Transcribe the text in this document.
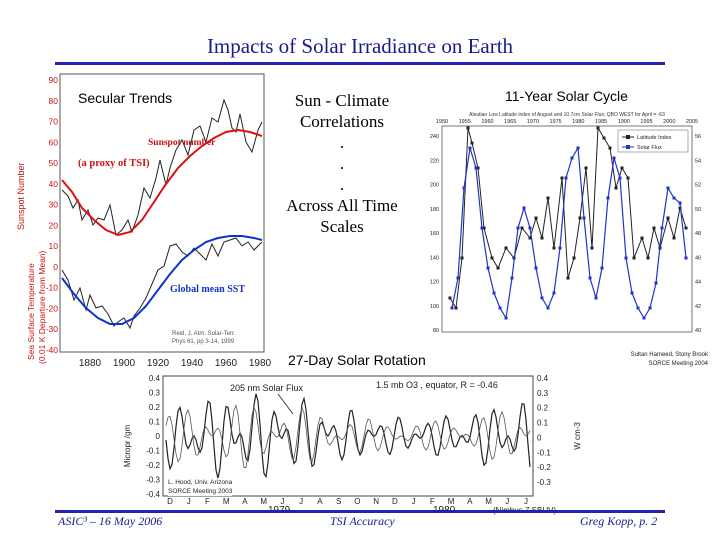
Impacts of Solar Irradiance on Earth
90
80
70
60
50
40
30
20
10
0
-10
-20
-30
-40
1880 1900 1920 1940 1960 1980
Sunspot Number
Sea Surface Temperature (0.01 K Departure from Mean)
Secular Trends
Sunspot number
(a proxy of TSI)
Global mean SST
Reid, J. Atm. Solar-Terr.
Phys 61, pp 3-14, 1999
Sun - Climate
Correlations
.
.
.
Across All Time
Scales
11-Year Solar Cycle
Aleutian Low Latitude index of August and 10.7cm Solar Flux; QBO WEST for April = -63
1950 1955 1960 1965 1970 1975 1980 1985 1990 1995 2000 2005
240
220
200
180
160
140
120
100
80
56
54
52
50
48
46
44
42
40
Latitude Index
Solar Flux
Sultan Hameed, Stony Brook
SORCE Meeting 2004
27-Day Solar Rotation
0.4
0.3
0.2
0.1
0
-0.1
-0.2
-0.3
-0.4
0.4
0.3
0.2
0.1
0
-0.1
-0.2
-0.3
D J F M A M J J A S O N D J F M A M J J
205 nm Solar Flux	1.5 mb O3 , equator, R = -0.46
Micropr /gm	W cm-3
L. Hood, Univ. Arizona
SORCE Meeting 2003
ASIC³ – 16 May 2006	TSI Accuracy	Greg Kopp, p. 2
